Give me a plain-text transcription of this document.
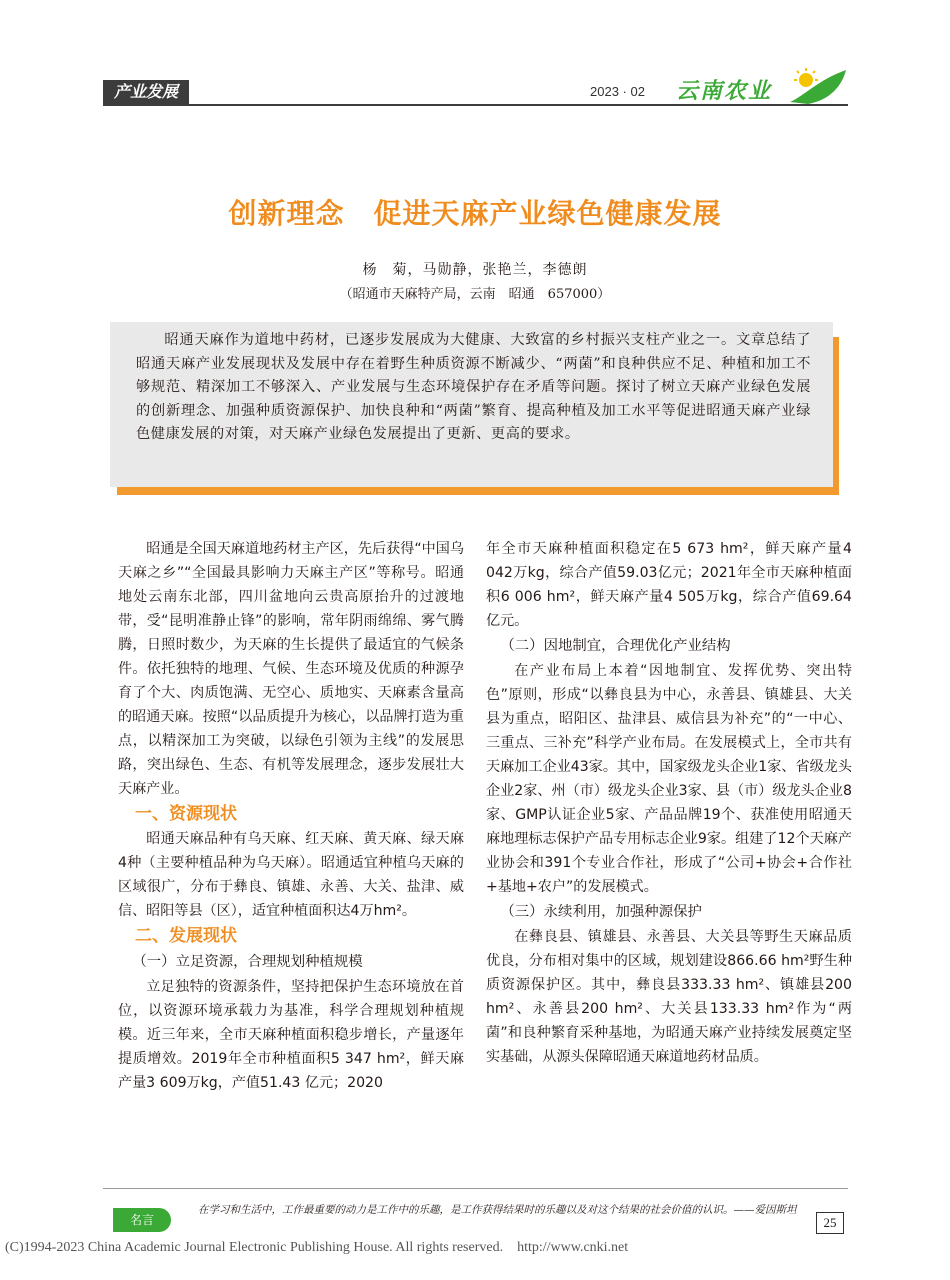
产业发展	2023 · 02 云南农业
创新理念　促进天麻产业绿色健康发展
杨　菊，马勋静，张艳兰，李德朗
（昭通市天麻特产局，云南　昭通　657000）
昭通天麻作为道地中药材，已逐步发展成为大健康、大致富的乡村振兴支柱产业之一。文章总结了昭通天麻产业发展现状及发展中存在着野生种质资源不断减少、“两菌”和良种供应不足、种植和加工不够规范、精深加工不够深入、产业发展与生态环境保护存在矛盾等问题。探讨了树立天麻产业绿色发展的创新理念、加强种质资源保护、加快良种和“两菌”繁育、提高种植及加工水平等促进昭通天麻产业绿色健康发展的对策，对天麻产业绿色发展提出了更新、更高的要求。

昭通是全国天麻道地药材主产区，先后获得“中国乌天麻之乡”“全国最具影响力天麻主产区”等称号。昭通地处云南东北部，四川盆地向云贵高原抬升的过渡地带，受“昆明准静止锋”的影响，常年阴雨绵绵、雾气腾腾，日照时数少，为天麻的生长提供了最适宜的气候条件。依托独特的地理、气候、生态环境及优质的种源孕育了个大、肉质饱满、无空心、质地实、天麻素含量高的昭通天麻。按照“以品质提升为核心，以品牌打造为重点，以精深加工为突破，以绿色引领为主线”的发展思路，突出绿色、生态、有机等发展理念，逐步发展壮大天麻产业。

一、资源现状

昭通天麻品种有乌天麻、红天麻、黄天麻、绿天麻4种（主要种植品种为乌天麻）。昭通适宜种植乌天麻的区域很广，分布于彝良、镇雄、永善、大关、盐津、威信、昭阳等县（区），适宜种植面积达4万hm²。

二、发展现状
（一）立足资源，合理规划种植规模

立足独特的资源条件，坚持把保护生态环境放在首位，以资源环境承载力为基准，科学合理规划种植规模。近三年来，全市天麻种植面积稳步增长，产量逐年提质增效。2019年全市种植面积5 347 hm²，鲜天麻产量3 609万kg，产值51.43 亿元；2020

年全市天麻种植面积稳定在5 673 hm²，鲜天麻产量4 042万kg，综合产值59.03亿元；2021年全市天麻种植面积6 006 hm²，鲜天麻产量4 505万kg，综合产值69.64亿元。

（二）因地制宜，合理优化产业结构

在产业布局上本着“因地制宜、发挥优势、突出特色”原则，形成“以彝良县为中心，永善县、镇雄县、大关县为重点，昭阳区、盐津县、威信县为补充”的“一中心、三重点、三补充”科学产业布局。在发展模式上，全市共有天麻加工企业43家。其中，国家级龙头企业1家、省级龙头企业2家、州（市）级龙头企业3家、县（市）级龙头企业8家、GMP认证企业5家、产品品牌19个、获准使用昭通天麻地理标志保护产品专用标志企业9家。组建了12个天麻产业协会和391个专业合作社，形成了“公司+协会+合作社+基地+农户”的发展模式。

（三）永续利用，加强种源保护

在彝良县、镇雄县、永善县、大关县等野生天麻品质优良，分布相对集中的区域，规划建设866.66 hm²野生种质资源保护区。其中，彝良县333.33 hm²、镇雄县200 hm²、永善县200 hm²、大关县133.33 hm²作为“两菌”和良种繁育采种基地，为昭通天麻产业持续发展奠定坚实基础，从源头保障昭通天麻道地药材品质。

名言
在学习和生活中，工作最重要的动力是工作中的乐趣，是工作获得结果时的乐趣以及对这个结果的社会价值的认识。——爱因斯坦
25
(C)1994-2023 China Academic Journal Electronic Publishing House. All rights reserved.　http://www.cnki.net
